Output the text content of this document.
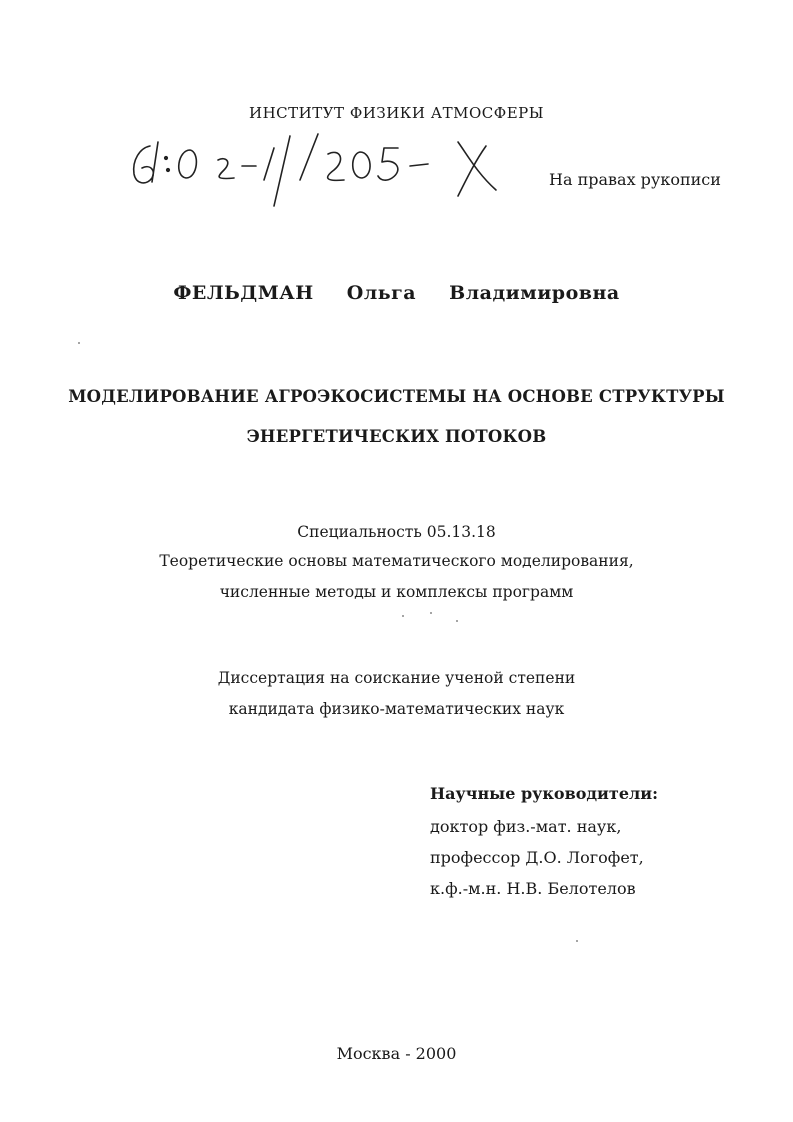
ИНСТИТУТ ФИЗИКИ АТМОСФЕРЫ
На правах рукописи
ФЕЛЬДМАН Ольга Владимировна
МОДЕЛИРОВАНИЕ АГРОЭКОСИСТЕМЫ НА ОСНОВЕ СТРУКТУРЫ
ЭНЕРГЕТИЧЕСКИХ ПОТОКОВ
Специальность 05.13.18
Теоретические основы математического моделирования,
численные методы и комплексы программ
Диссертация на соискание ученой степени
кандидата физико-математических наук
Научные руководители:
доктор физ.-мат. наук,
профессор Д.О. Логофет,
к.ф.-м.н. Н.В. Белотелов
Москва - 2000
